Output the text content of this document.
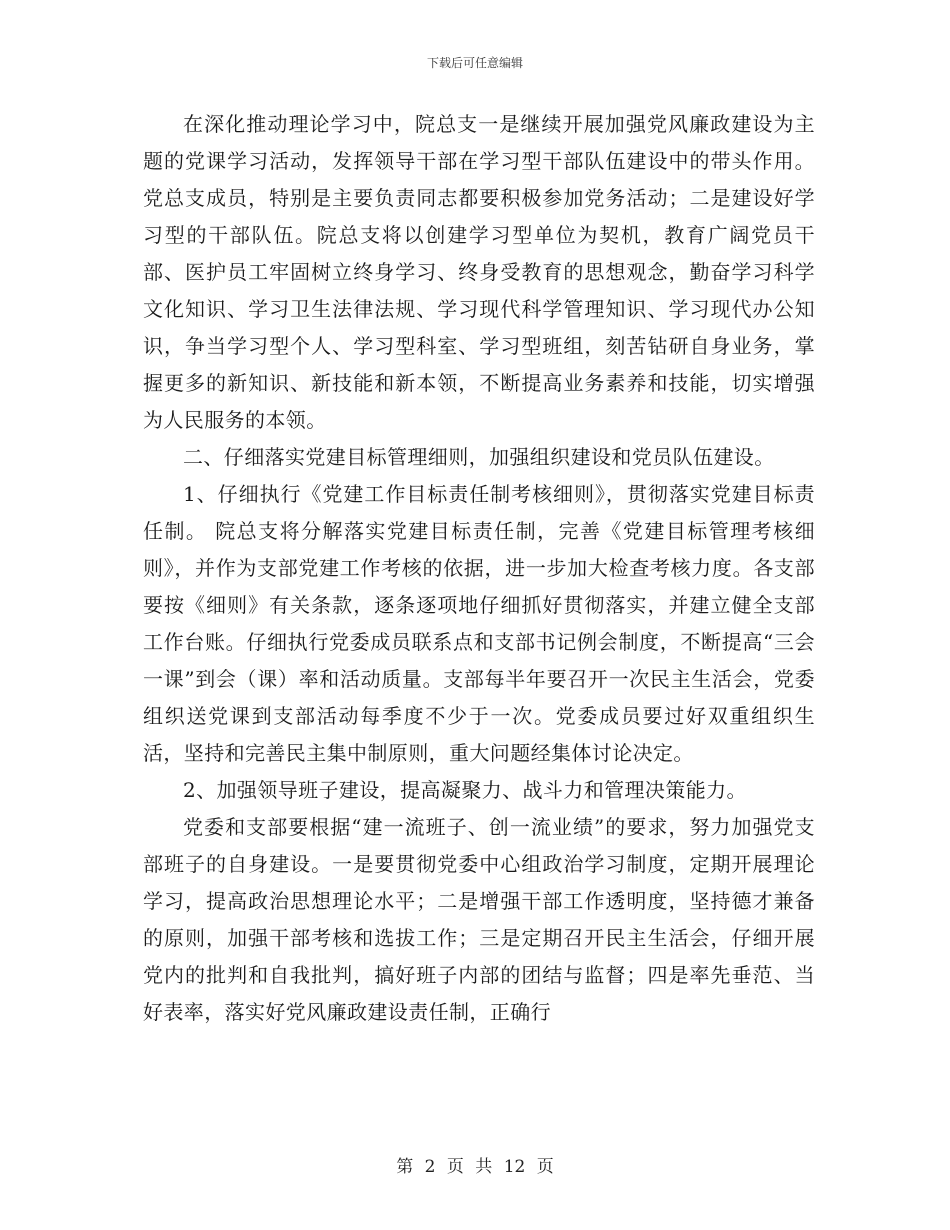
下载后可任意编辑

在深化推动理论学习中，院总支一是继续开展加强党风廉政建设为主题的党课学习活动，发挥领导干部在学习型干部队伍建设中的带头作用。党总支成员，特别是主要负责同志都要积极参加党务活动；二是建设好学习型的干部队伍。院总支将以创建学习型单位为契机，教育广阔党员干部、医护员工牢固树立终身学习、终身受教育的思想观念，勤奋学习科学文化知识、学习卫生法律法规、学习现代科学管理知识、学习现代办公知识，争当学习型个人、学习型科室、学习型班组，刻苦钻研自身业务，掌握更多的新知识、新技能和新本领，不断提高业务素养和技能，切实增强为人民服务的本领。

二、仔细落实党建目标管理细则，加强组织建设和党员队伍建设。

1、仔细执行《党建工作目标责任制考核细则》，贯彻落实党建目标责任制。 院总支将分解落实党建目标责任制，完善《党建目标管理考核细则》，并作为支部党建工作考核的依据，进一步加大检查考核力度。各支部要按《细则》有关条款，逐条逐项地仔细抓好贯彻落实，并建立健全支部工作台账。仔细执行党委成员联系点和支部书记例会制度，不断提高“三会一课”到会（课）率和活动质量。支部每半年要召开一次民主生活会，党委组织送党课到支部活动每季度不少于一次。党委成员要过好双重组织生活，坚持和完善民主集中制原则，重大问题经集体讨论决定。

2、加强领导班子建设，提高凝聚力、战斗力和管理决策能力。

党委和支部要根据“建一流班子、创一流业绩”的要求，努力加强党支部班子的自身建设。一是要贯彻党委中心组政治学习制度，定期开展理论学习，提高政治思想理论水平；二是增强干部工作透明度，坚持德才兼备的原则，加强干部考核和选拔工作；三是定期召开民主生活会，仔细开展党内的批判和自我批判，搞好班子内部的团结与监督；四是率先垂范、当好表率，落实好党风廉政建设责任制，正确行

第 2 页 共 12 页
